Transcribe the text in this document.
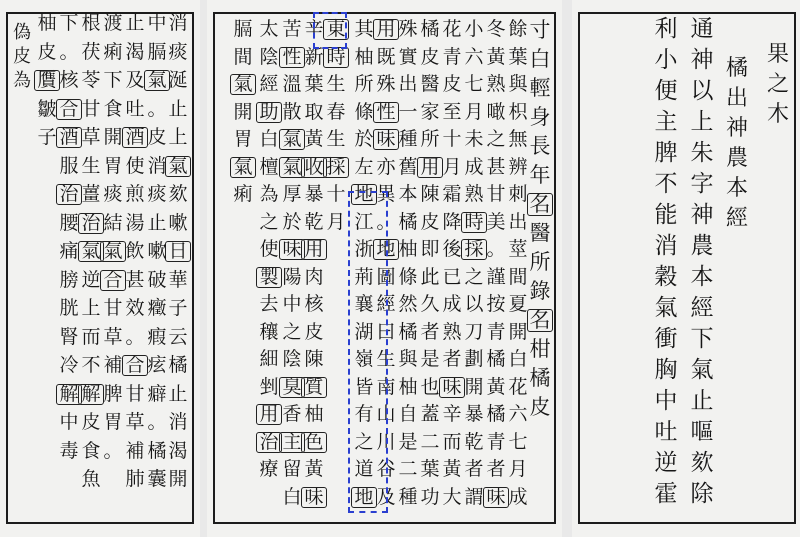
消
痰
涎
止
上
氣
欬
嗽
日
華
子
云
橘
止
消
渴
開
中
膈
氣
。
皮
消
痰
止
嗽
破
癥
瘕
痃
癖
。
橘
囊
止
渴
及
吐
酒
使
煎
湯
飲
甚
效
。
合
甘
草
補
肺
渡
痢
下
食
開
胃
痰
結
氣
合
甘
草
補
脾
胃
。
根
茯
苓
甘
草
生
薑
治
氣
逆
上
而
不
解
皮
食
魚
下
。
核
合
酒
服
治
腰
痛
膀
胱
腎
冷
解
中
毒
柚
皮
贋
皺
子
偽
皮
為
寸
白
輕
身
長
年
名
醫
所
錄
名
柑
橘
皮
餘
葉
與
枳
無
辨
刺
出
莖
間
夏
開
白
花
六
七
月
成
冬
黃
熟
噉
之
甚
甘
美
。
謹
按
青
橘
黃
橘
青
者
味
小
六
七
月
未
成
熟
時
採
之
以
刀
劃
開
暴
乾
者
謂
花
青
皮
至
十
月
霜
降
後
已
成
熟
者
味
辛
而
黃
大
橘
皮
醫
家
所
用
陳
皮
即
此
久
者
是
也
蓋
二
葉
功
殊
實
出
一
種
舊
本
橘
柚
條
然
橘
與
柚
自
是
二
種
用
既
殊
性
味
亦
異
。
地
圖
經
曰
生
南
山
川
谷
及
其
柚
所
條
於
左
地
江
浙
荊
襄
湖
嶺
皆
有
之
道
地
東
時
生
春
生
採
十
月
辛
新
葉
取
黃
收
暴
乾
用
肉
核
皮
陳
質
柚
色
黃
味
苦
性
溫
散
氣
氣
厚
於
味
陽
中
之
陰
臭
香
主
留
白
太
陰
經
助
白
檀
為
之
使
製
去
穰
細
剉
用
治
療
膈
間
氣
開
胃
氣
痢
果
之
木
橘
出
神
農
本
經
通
神
以
上
朱
字
神
農
本
經
下
氣
止
嘔
欬
除
利
小
便
主
脾
不
能
消
穀
氣
衝
胸
中
吐
逆
霍
